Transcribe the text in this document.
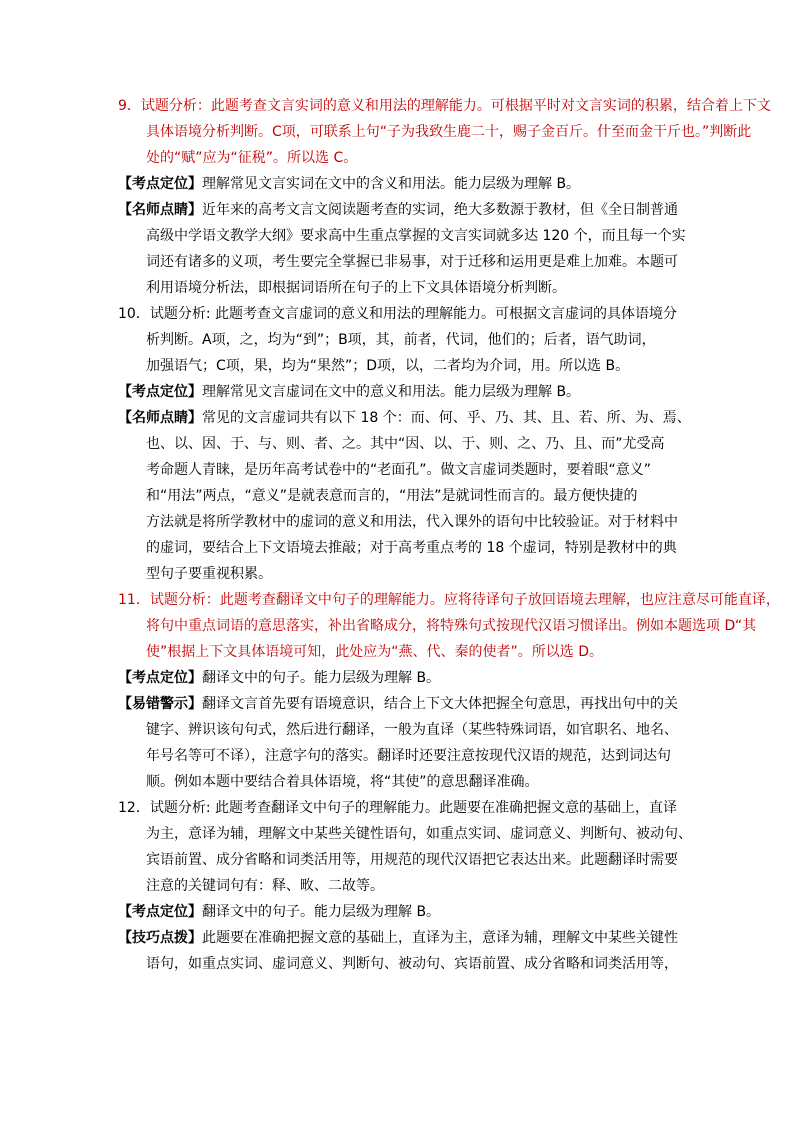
9．试题分析：此题考查文言实词的意义和用法的理解能力。可根据平时对文言实词的积累，结合着上下文
具体语境分析判断。C项，可联系上句“子为我致生鹿二十，赐子金百斤。什至而金干斤也。”判断此
处的“赋”应为“征税”。所以选 C。
【考点定位】理解常见文言实词在文中的含义和用法。能力层级为理解 B。
【名师点睛】近年来的高考文言文阅读题考查的实词，绝大多数源于教材，但《全日制普通
高级中学语文教学大纲》要求高中生重点掌握的文言实词就多达 120 个，而且每一个实
词还有诸多的义项，考生要完全掌握已非易事，对于迁移和运用更是难上加难。本题可
利用语境分析法，即根据词语所在句子的上下文具体语境分析判断。
10．试题分析: 此题考查文言虚词的意义和用法的理解能力。可根据文言虚词的具体语境分
析判断。A项，之，均为“到”；B项，其，前者，代词，他们的；后者，语气助词，
加强语气；C项，果，均为“果然”；D项，以，二者均为介词，用。所以选 B。
【考点定位】理解常见文言虚词在文中的意义和用法。能力层级为理解 B。
【名师点睛】常见的文言虚词共有以下 18 个：而、何、乎、乃、其、且、若、所、为、焉、
也、以、因、于、与、则、者、之。其中“因、以、于、则、之、乃、且、而”尤受高
考命题人青睐，是历年高考试卷中的“老面孔”。做文言虚词类题时，要着眼“意义”
和“用法”两点，“意义”是就表意而言的，“用法”是就词性而言的。最方便快捷的
方法就是将所学教材中的虚词的意义和用法，代入课外的语句中比较验证。对于材料中
的虚词，要结合上下文语境去推敲；对于高考重点考的 18 个虚词，特别是教材中的典
型句子要重视积累。
11．试题分析：此题考查翻译文中句子的理解能力。应将待译句子放回语境去理解，也应注意尽可能直译，
将句中重点词语的意思落实，补出省略成分，将特殊句式按现代汉语习惯译出。例如本题选项 D“其
使”根据上下文具体语境可知，此处应为“燕、代、秦的使者”。所以选 D。
【考点定位】翻译文中的句子。能力层级为理解 B。
【易错警示】翻译文言首先要有语境意识，结合上下文大体把握全句意思，再找出句中的关
键字、辨识该句句式，然后进行翻译，一般为直译（某些特殊词语，如官职名、地名、
年号名等可不译），注意字句的落实。翻译时还要注意按现代汉语的规范，达到词达句
顺。例如本题中要结合着具体语境，将“其使”的意思翻译准确。
12．试题分析: 此题考查翻译文中句子的理解能力。此题要在准确把握文意的基础上，直译
为主，意译为辅，理解文中某些关键性语句，如重点实词、虚词意义、判断句、被动句、
宾语前置、成分省略和词类活用等，用规范的现代汉语把它表达出来。此题翻译时需要
注意的关键词句有：释、畋、二故等。
【考点定位】翻译文中的句子。能力层级为理解 B。
【技巧点拨】此题要在准确把握文意的基础上，直译为主，意译为辅，理解文中某些关键性
语句，如重点实词、虚词意义、判断句、被动句、宾语前置、成分省略和词类活用等，
